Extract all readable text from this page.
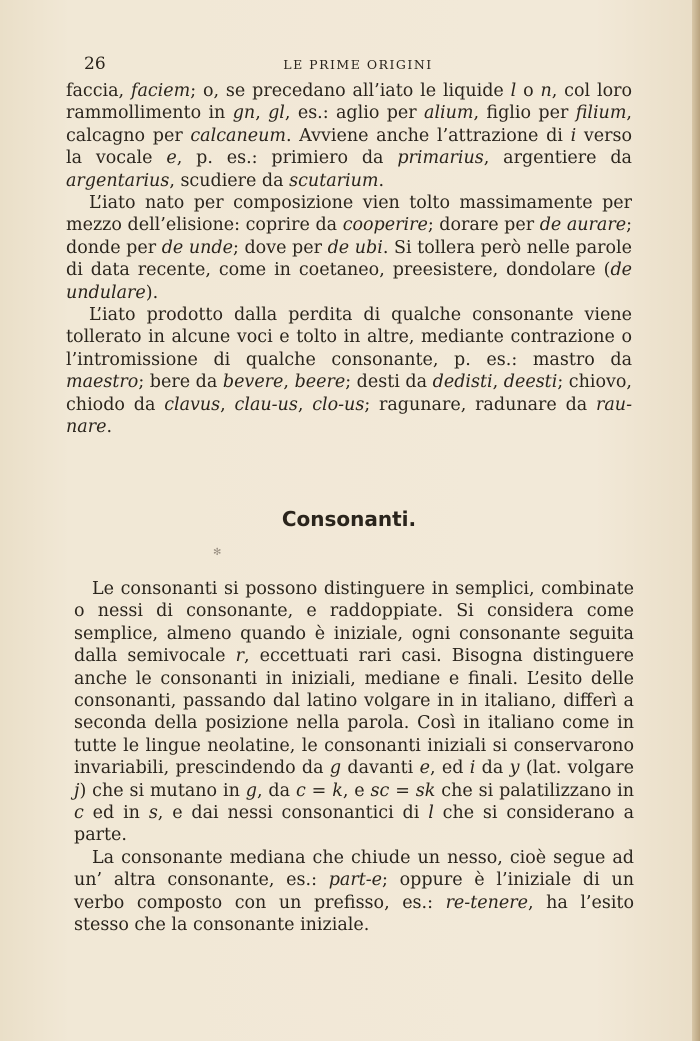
26	LE PRIME ORIGINI

faccia, faciem; o, se precedano all’iato le liquide l o n, col loro rammollimento in gn, gl, es.: aglio per alium, figlio per filium, calcagno per calcaneum. Avviene anche l’attrazione di i verso la vocale e, p. es.: primiero da primarius, argentiere da argentarius, scudiere da scutarium.

L’iato nato per composizione vien tolto massimamente per mezzo dell’elisione: coprire da cooperire; dorare per de aurare; donde per de unde; dove per de ubi. Si tollera però nelle parole di data recente, come in coetaneo, preesistere, dondolare (de undulare).

L’iato prodotto dalla perdita di qualche consonante viene tollerato in alcune voci e tolto in altre, mediante contrazione o l’intromissione di qualche consonante, p. es.: mastro da maestro; bere da bevere, beere; desti da dedisti, deesti; chiovo, chiodo da clavus, clau-us, clo-us; ragunare, radunare da rau-nare.

Consonanti.
✻

Le consonanti si possono distinguere in semplici, combinate o nessi di consonante, e raddoppiate. Si considera come semplice, almeno quando è iniziale, ogni consonante seguita dalla semivocale r, eccettuati rari casi. Bisogna distinguere anche le consonanti in iniziali, mediane e finali. L’esito delle consonanti, passando dal latino volgare in in italiano, differì a seconda della posizione nella parola. Così in italiano come in tutte le lingue neolatine, le consonanti iniziali si conservarono invariabili, prescindendo da g davanti e, ed i da y (lat. volgare j) che si mutano in g, da c = k, e sc = sk che si palatilizzano in c ed in s, e dai nessi consonantici di l che si considerano a parte.

La consonante mediana che chiude un nesso, cioè segue ad un’ altra consonante, es.: part-e; oppure è l’iniziale di un verbo composto con un prefisso, es.: re-tenere, ha l’esito stesso che la consonante iniziale.
